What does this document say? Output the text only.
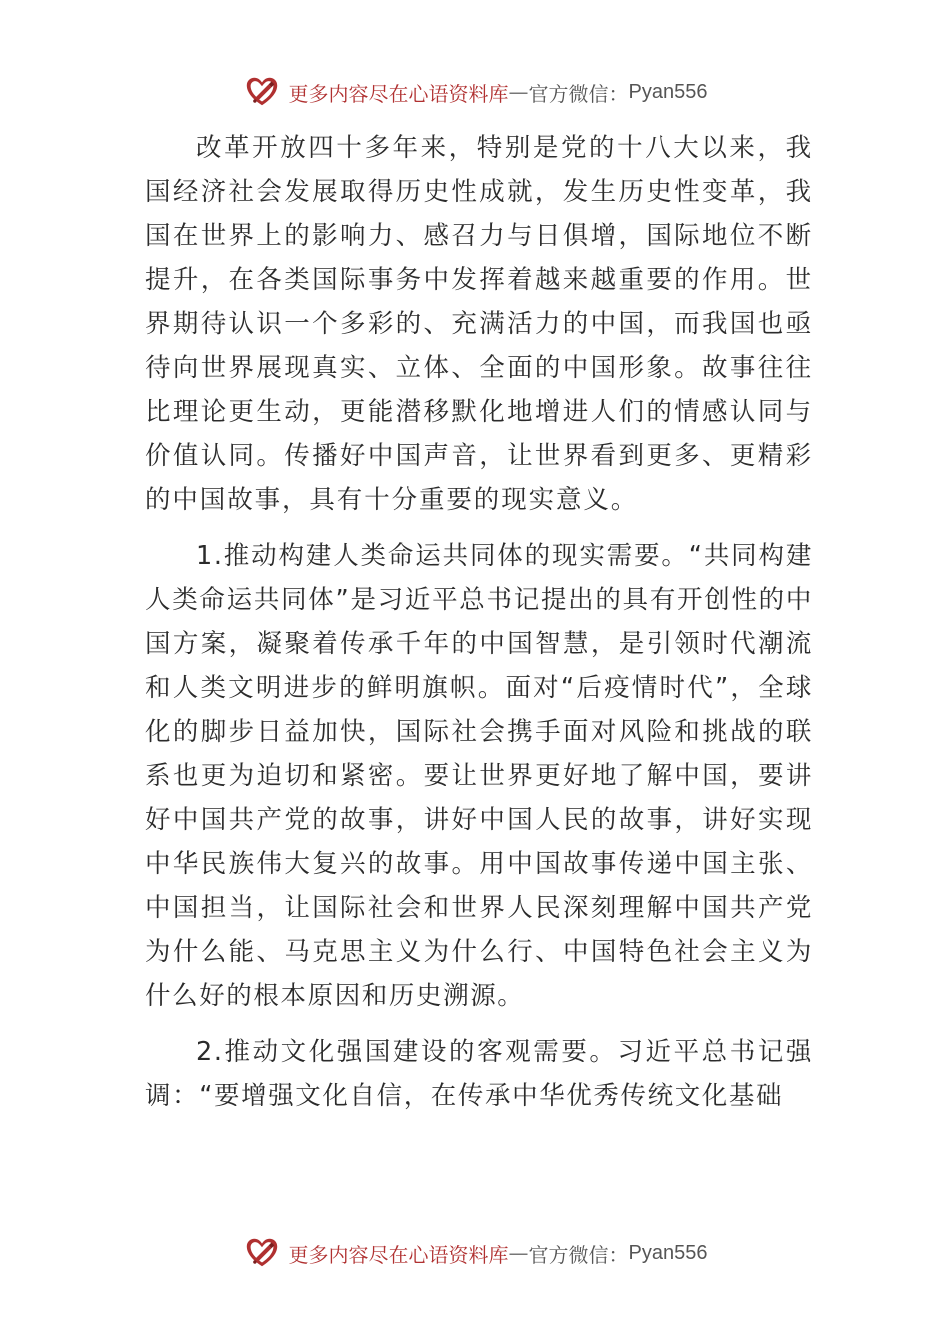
更多内容尽在心语资料库 — 官方微信： Pyan556

改革开放四十多年来，特别是党的十八大以来，我国经济社会发展取得历史性成就，发生历史性变革，我国在世界上的影响力、感召力与日俱增，国际地位不断提升，在各类国际事务中发挥着越来越重要的作用。世界期待认识一个多彩的、充满活力的中国，而我国也亟待向世界展现真实、立体、全面的中国形象。故事往往比理论更生动，更能潜移默化地增进人们的情感认同与价值认同。传播好中国声音，让世界看到更多、更精彩的中国故事，具有十分重要的现实意义。

1.推动构建人类命运共同体的现实需要。“共同构建人类命运共同体”是习近平总书记提出的具有开创性的中国方案，凝聚着传承千年的中国智慧，是引领时代潮流和人类文明进步的鲜明旗帜。面对“后疫情时代”，全球化的脚步日益加快，国际社会携手面对风险和挑战的联系也更为迫切和紧密。要让世界更好地了解中国，要讲好中国共产党的故事，讲好中国人民的故事，讲好实现中华民族伟大复兴的故事。用中国故事传递中国主张、中国担当，让国际社会和世界人民深刻理解中国共产党为什么能、马克思主义为什么行、中国特色社会主义为什么好的根本原因和历史溯源。

2.推动文化强国建设的客观需要。习近平总书记强调：“要增强文化自信，在传承中华优秀传统文化基础

更多内容尽在心语资料库 — 官方微信： Pyan556
